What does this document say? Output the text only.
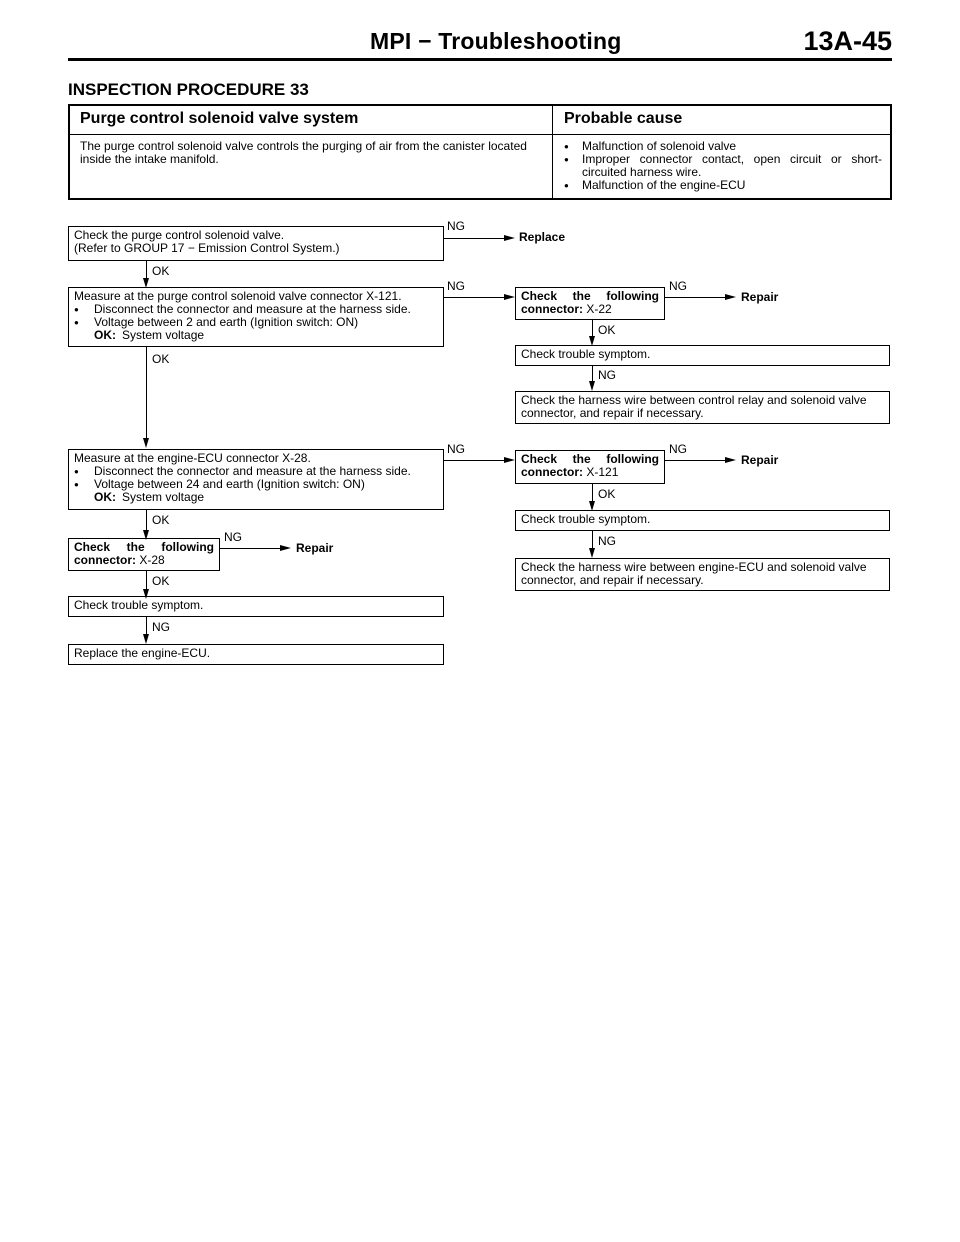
MPI − Troubleshooting	13A-45
INSPECTION PROCEDURE 33
Purge control solenoid valve system	Probable cause
The purge control solenoid valve controls the purging of air from the canister located inside the intake manifold.
● Malfunction of solenoid valve
● Improper connector contact, open circuit or short-circuited harness wire.
● Malfunction of the engine-ECU
Check the purge control solenoid valve.
(Refer to GROUP 17 − Emission Control System.)
NG
Replace
OK
Measure at the purge control solenoid valve connector X-121.
● Disconnect the connector and measure at the harness side.
● Voltage between 2 and earth (Ignition switch: ON)
OK: System voltage
NG
Check the following
connector: X-22
NG
Repair
OK
Check trouble symptom.
NG
Check the harness wire between control relay and solenoid valve connector, and repair if necessary.
OK
Measure at the engine-ECU connector X-28.
● Disconnect the connector and measure at the harness side.
● Voltage between 24 and earth (Ignition switch: ON)
OK: System voltage
NG
Check the following
connector: X-121
NG
Repair
OK
Check trouble symptom.
NG
Check the harness wire between engine-ECU and solenoid valve connector, and repair if necessary.
OK
Check the following
connector: X-28
NG
Repair
OK
Check trouble symptom.
NG
Replace the engine-ECU.
